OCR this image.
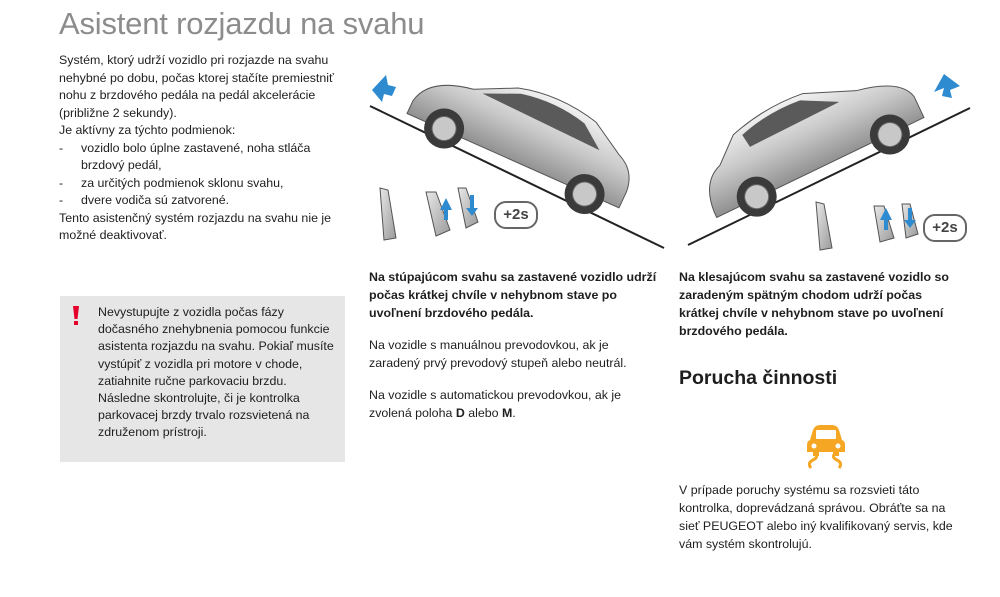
Asistent rozjazdu na svahu

Systém, ktorý udrží vozidlo pri rozjazde na svahu nehybné po dobu, počas ktorej stačíte premiestniť nohu z brzdového pedála na pedál akcelerácie (približne 2 sekundy).

Je aktívny za týchto podmienok:

- vozidlo bolo úplne zastavené, noha stláča brzdový pedál,
- za určitých podmienok sklonu svahu,
- dvere vodiča sú zatvorené.

Tento asistenčný systém rozjazdu na svahu nie je možné deaktivovať.

Nevystupujte z vozidla počas fázy dočasného znehybnenia pomocou funkcie asistenta rozjazdu na svahu. Pokiaľ musíte vystúpiť z vozidla pri motore v chode, zatiahnite ručne parkovaciu brzdu. Následne skontrolujte, či je kontrolka parkovacej brzdy trvalo rozsvietená na združenom prístroji.
+2s
+2s

Na stúpajúcom svahu sa zastavené vozidlo udrží počas krátkej chvíle v nehybnom stave po uvoľnení brzdového pedála.

Na vozidle s manuálnou prevodovkou, ak je zaradený prvý prevodový stupeň alebo neutrál.

Na vozidle s automatickou prevodovkou, ak je zvolená poloha D alebo M.

Na klesajúcom svahu sa zastavené vozidlo so zaradeným spätným chodom udrží počas krátkej chvíle v nehybnom stave po uvoľnení brzdového pedála.
Porucha činnosti

V prípade poruchy systému sa rozsvieti táto kontrolka, doprevádzaná správou. Obráťte sa na sieť PEUGEOT alebo iný kvalifikovaný servis, kde vám systém skontrolujú.
